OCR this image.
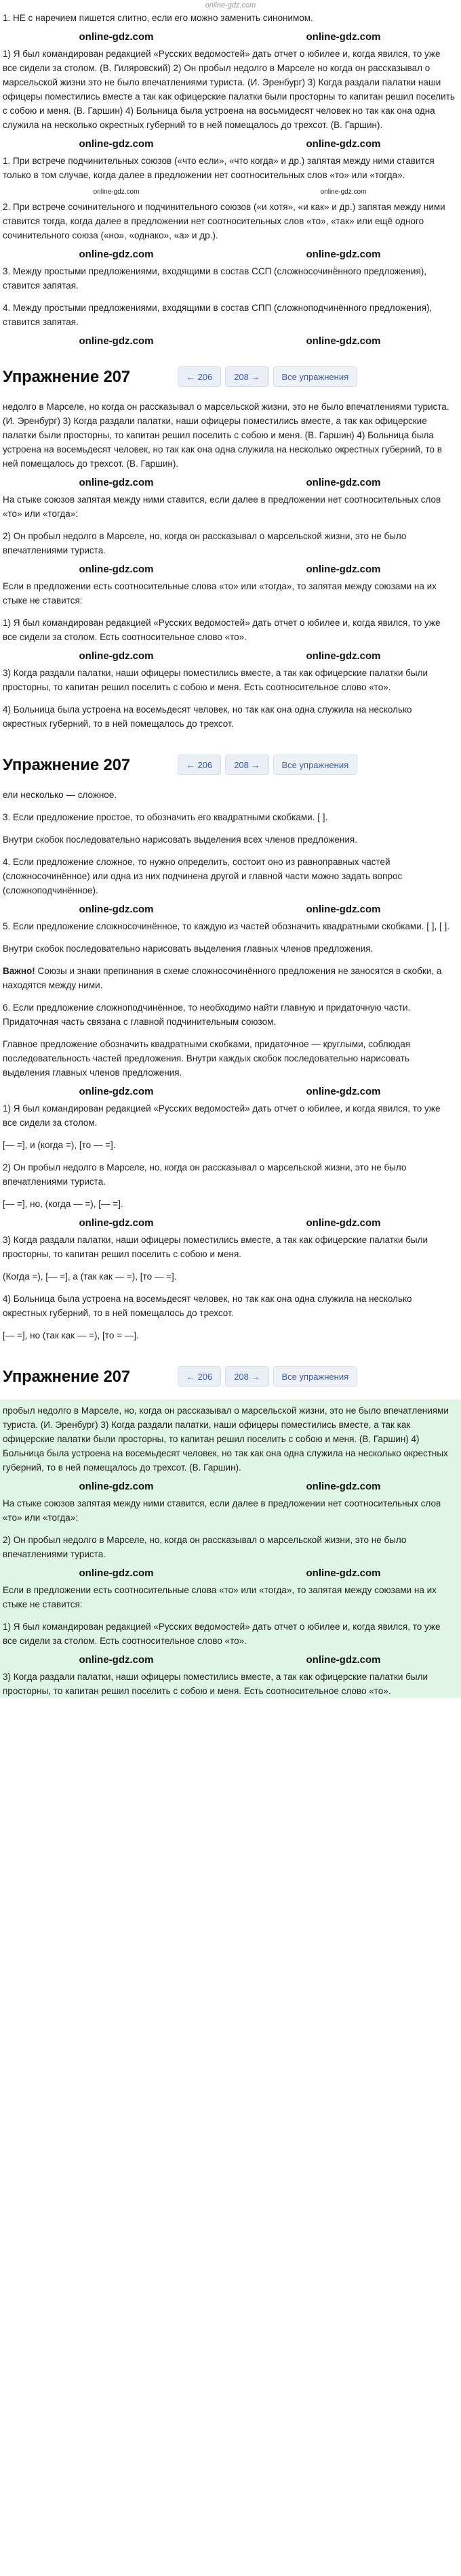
online-gdz.com

1. НЕ с наречием пишется слитно, если его можно заменить синонимом.

online-gdz.com	online-gdz.com

1) Я был командирован редакцией «Русских ведомостей» дать отчет о юбилее и, когда явился, то уже все сидели за столом. (В. Гиляровский) 2) Он пробыл недолго в Марселе но когда он рассказывал о марсельской жизни это не было впечатлениями туриста. (И. Эренбург) 3) Когда раздали палатки наши офицеры поместились вместе а так как офицерские палатки были просторны то капитан решил поселить с собою и меня. (В. Гаршин) 4) Больница была устроена на восьмидесят человек но так как она одна служила на несколько окрестных губерний то в ней помещалось до трехсот. (В. Гаршин).

online-gdz.com	online-gdz.com

1. При встрече подчинительных союзов («что если», «что когда» и др.) запятая между ними ставится только в том случае, когда далее в предложении нет соотносительных слов «то» или «тогда».

online-gdz.com	online-gdz.com

2. При встрече сочинительного и подчинительного союзов («и хотя», «и как» и др.) запятая между ними ставится тогда, когда далее в предложении нет соотносительных слов «то», «так» или ещё одного сочинительного союза («но», «однако», «а» и др.).

online-gdz.com	online-gdz.com

3. Между простыми предложениями, входящими в состав ССП (сложносочинённого предложения), ставится запятая.

4. Между простыми предложениями, входящими в состав СПП (сложноподчинённого предложения), ставится запятая.

online-gdz.com	online-gdz.com
Упражнение 207	← 206	208 →	Все упражнения

недолго в Марселе, но когда он рассказывал о марсельской жизни, это не было впечатлениями туриста. (И. Эренбург) 3) Когда раздали палатки, наши офицеры поместились вместе, а так как офицерские палатки были просторны, то капитан решил поселить с собою и меня. (В. Гаршин) 4) Больница была устроена на восемьдесят человек, но так как она одна служила на несколько окрестных губерний, то в ней помещалось до трехсот. (В. Гаршин).

online-gdz.com	online-gdz.com

На стыке союзов запятая между ними ставится, если далее в предложении нет соотносительных слов «то» или «тогда»:

2) Он пробыл недолго в Марселе, но, когда он рассказывал о марсельской жизни, это не было впечатлениями туриста.

online-gdz.com	online-gdz.com

Если в предложении есть соотносительные слова «то» или «тогда», то запятая между союзами на их стыке не ставится:

1) Я был командирован редакцией «Русских ведомостей» дать отчет о юбилее и, когда явился, то уже все сидели за столом. Есть соотносительное слово «то».

online-gdz.com	online-gdz.com

3) Когда раздали палатки, наши офицеры поместились вместе, а так как офицерские палатки были просторны, то капитан решил поселить с собою и меня. Есть соотносительное слово «то».

4) Больница была устроена на восемьдесят человек, но так как она одна служила на несколько окрестных губерний, то в ней помещалось до трехсот.

Упражнение 207	← 206	208 →	Все упражнения

ели несколько — сложное.

3. Если предложение простое, то обозначить его квадратными скобками. [ ].

Внутри скобок последовательно нарисовать выделения всех членов предложения.

4. Если предложение сложное, то нужно определить, состоит оно из равноправных частей (сложносочинённое) или одна из них подчинена другой и главной части можно задать вопрос (сложноподчинённое).

online-gdz.com	online-gdz.com

5. Если предложение сложносочинённое, то каждую из частей обозначить квадратными скобками. [ ], [ ].

Внутри скобок последовательно нарисовать выделения главных членов предложения.

Важно! Союзы и знаки препинания в схеме сложносочинённого предложения не заносятся в скобки, а находятся между ними.

6. Если предложение сложноподчинённое, то необходимо найти главную и придаточную части. Придаточная часть связана с главной подчинительным союзом.

Главное предложение обозначить квадратными скобками, придаточное — круглыми, соблюдая последовательность частей предложения. Внутри каждых скобок последовательно нарисовать выделения главных членов предложения.

online-gdz.com	online-gdz.com

1) Я был командирован редакцией «Русских ведомостей» дать отчет о юбилее, и когда явился, то уже все сидели за столом.

[— =], и (когда =), [то — =].

2) Он пробыл недолго в Марселе, но, когда он рассказывал о марсельской жизни, это не было впечатлениями туриста.

[— =], но, (когда — =), [— =].

online-gdz.com	online-gdz.com

3) Когда раздали палатки, наши офицеры поместились вместе, а так как офицерские палатки были просторны, то капитан решил поселить с собою и меня.

(Когда =), [— =], а (так как — =), [то — =].

4) Больница была устроена на восемьдесят человек, но так как она одна служила на несколько окрестных губерний, то в ней помещалось до трехсот.

[— =], но (так как — =), [то = —].

Упражнение 207	← 206	208 →	Все упражнения

пробыл недолго в Марселе, но, когда он рассказывал о марсельской жизни, это не было впечатлениями туриста. (И. Эренбург) 3) Когда раздали палатки, наши офицеры поместились вместе, а так как офицерские палатки были просторны, то капитан решил поселить с собою и меня. (В. Гаршин) 4) Больница была устроена на восемьдесят человек, но так как она одна служила на несколько окрестных губерний, то в ней помещалось до трехсот. (В. Гаршин).

online-gdz.com	online-gdz.com

На стыке союзов запятая между ними ставится, если далее в предложении нет соотносительных слов «то» или «тогда»:

2) Он пробыл недолго в Марселе, но, когда он рассказывал о марсельской жизни, это не было впечатлениями туриста.

online-gdz.com	online-gdz.com

Если в предложении есть соотносительные слова «то» или «тогда», то запятая между союзами на их стыке не ставится:

1) Я был командирован редакцией «Русских ведомостей» дать отчет о юбилее и, когда явился, то уже все сидели за столом. Есть соотносительное слово «то».

online-gdz.com	online-gdz.com

3) Когда раздали палатки, наши офицеры поместились вместе, а так как офицерские палатки были просторны, то капитан решил поселить с собою и меня. Есть соотносительное слово «то».
